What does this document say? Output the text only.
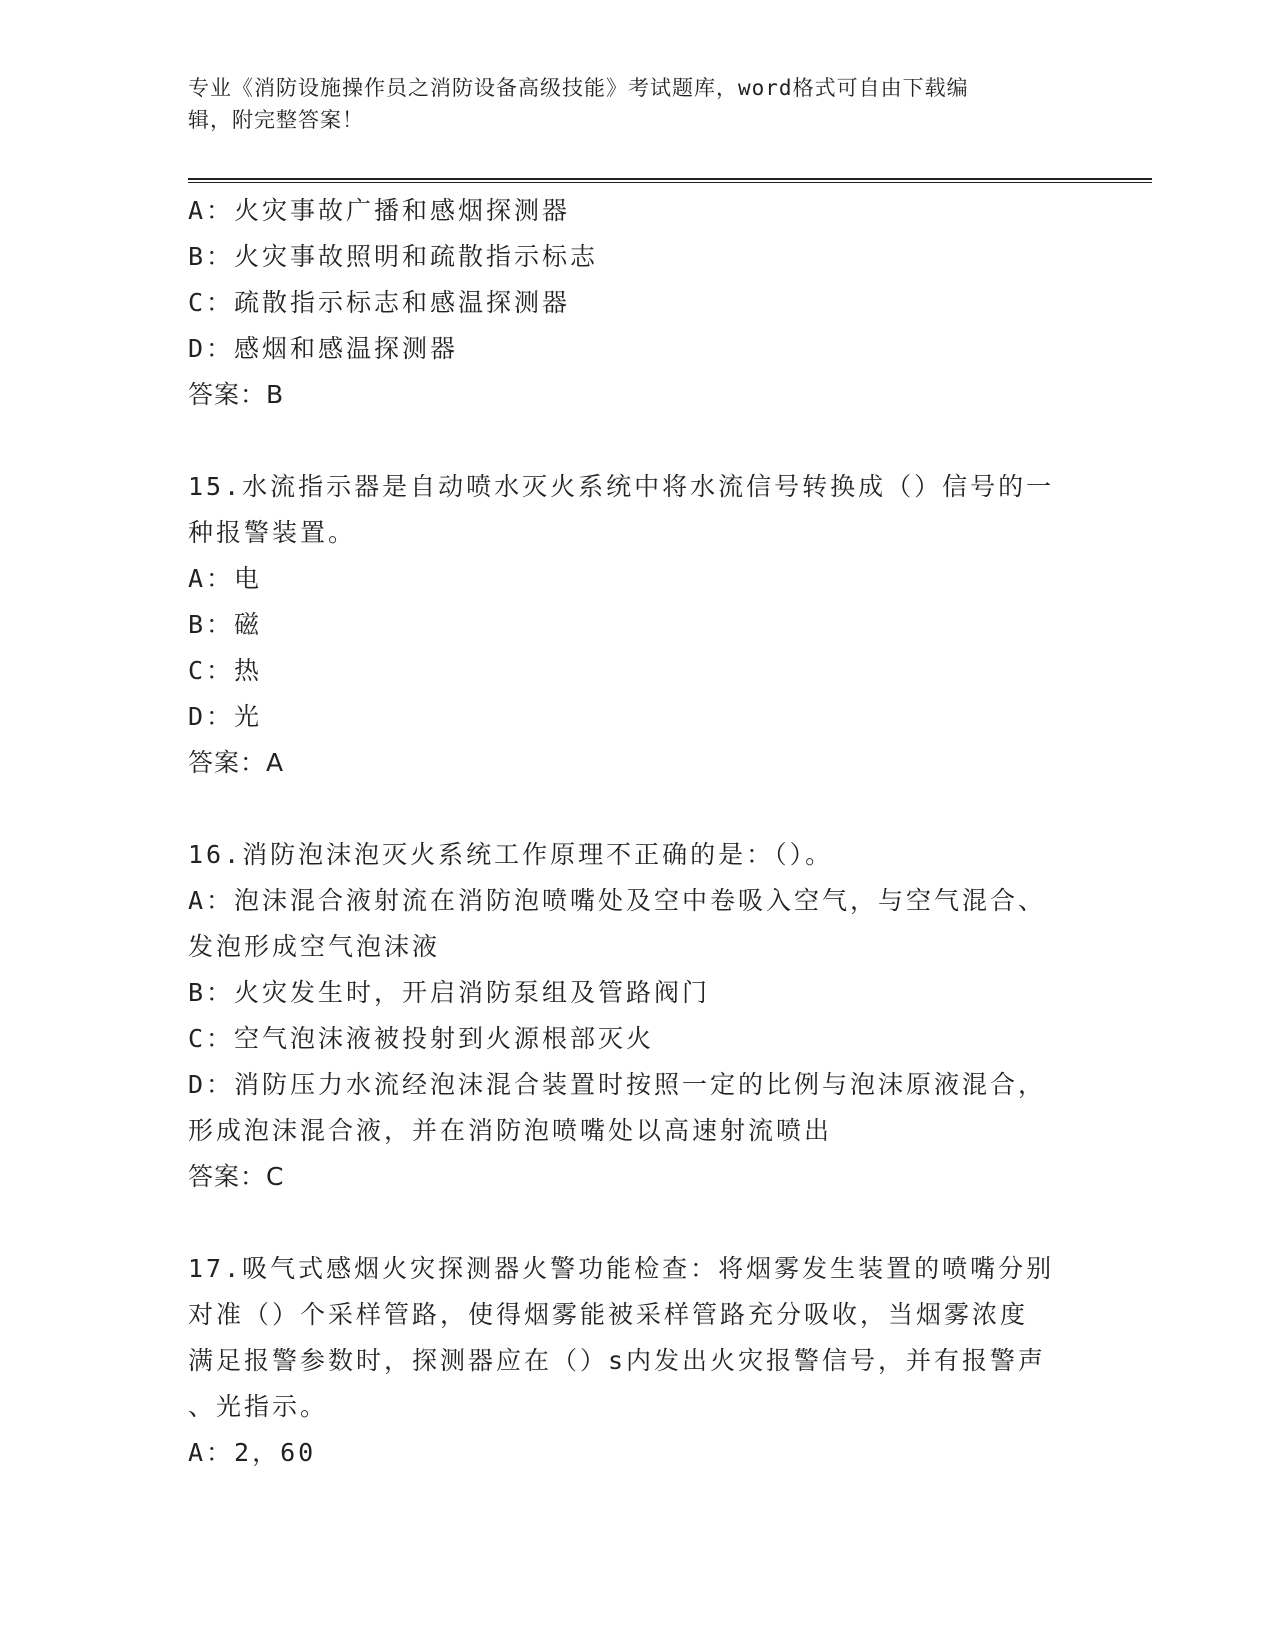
专业《消防设施操作员之消防设备高级技能》考试题库，word格式可自由下载编
辑，附完整答案！
A：火灾事故广播和感烟探测器
B：火灾事故照明和疏散指示标志
C：疏散指示标志和感温探测器
D：感烟和感温探测器
答案：B
15.水流指示器是自动喷水灭火系统中将水流信号转换成（）信号的一
种报警装置。
A：电
B：磁
C：热
D：光
答案：A
16.消防泡沫泡灭火系统工作原理不正确的是：（）。
A：泡沫混合液射流在消防泡喷嘴处及空中卷吸入空气，与空气混合、
发泡形成空气泡沫液
B：火灾发生时，开启消防泵组及管路阀门
C：空气泡沫液被投射到火源根部灭火
D：消防压力水流经泡沫混合装置时按照一定的比例与泡沫原液混合，
形成泡沫混合液，并在消防泡喷嘴处以高速射流喷出
答案：C
17.吸气式感烟火灾探测器火警功能检查：将烟雾发生装置的喷嘴分别
对准（）个采样管路，使得烟雾能被采样管路充分吸收，当烟雾浓度
满足报警参数时，探测器应在（）s内发出火灾报警信号，并有报警声
、光指示。
A：2，60
